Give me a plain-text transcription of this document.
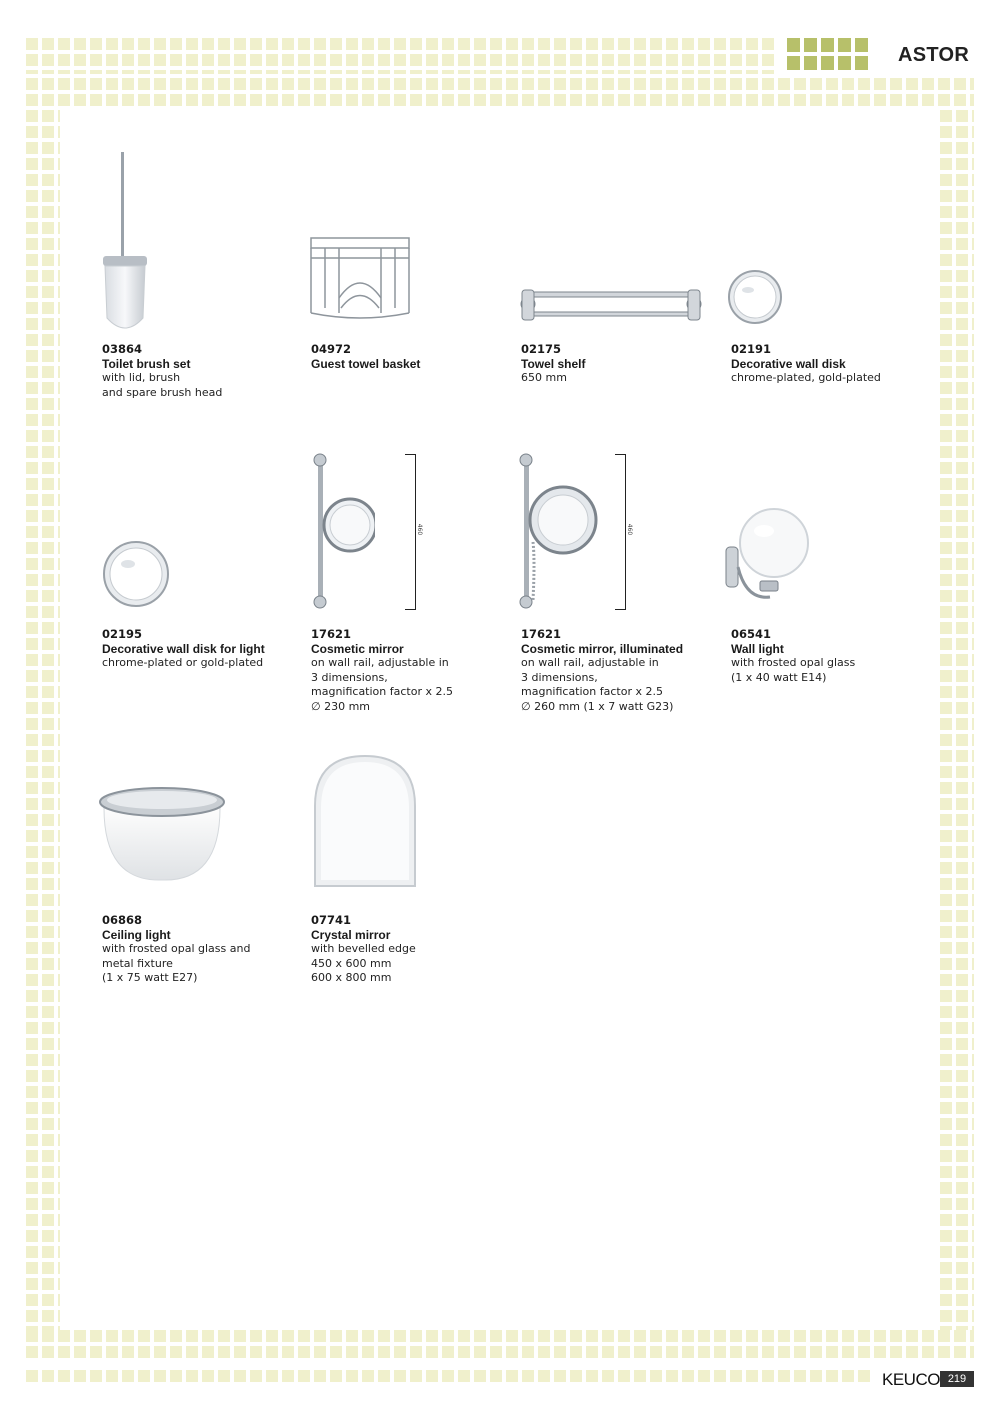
ASTOR
03864
Toilet brush set
with lid, brush
and spare brush head
04972
Guest towel basket
02175
Towel shelf
650 mm
02191
Decorative wall disk
chrome-plated, gold-plated
460	460
02195
Decorative wall disk for light
chrome-plated or gold-plated
17621
Cosmetic mirror
on wall rail, adjustable in
3 dimensions,
magnification factor x 2.5
∅ 230 mm
17621
Cosmetic mirror, illuminated
on wall rail, adjustable in
3 dimensions,
magnification factor x 2.5
∅ 260 mm (1 x 7 watt G23)
06541
Wall light
with frosted opal glass
(1 x 40 watt E14)
06868
Ceiling light
with frosted opal glass and
metal fixture
(1 x 75 watt E27)
07741
Crystal mirror
with bevelled edge
450 x 600 mm
600 x 800 mm
KEUCO 219
